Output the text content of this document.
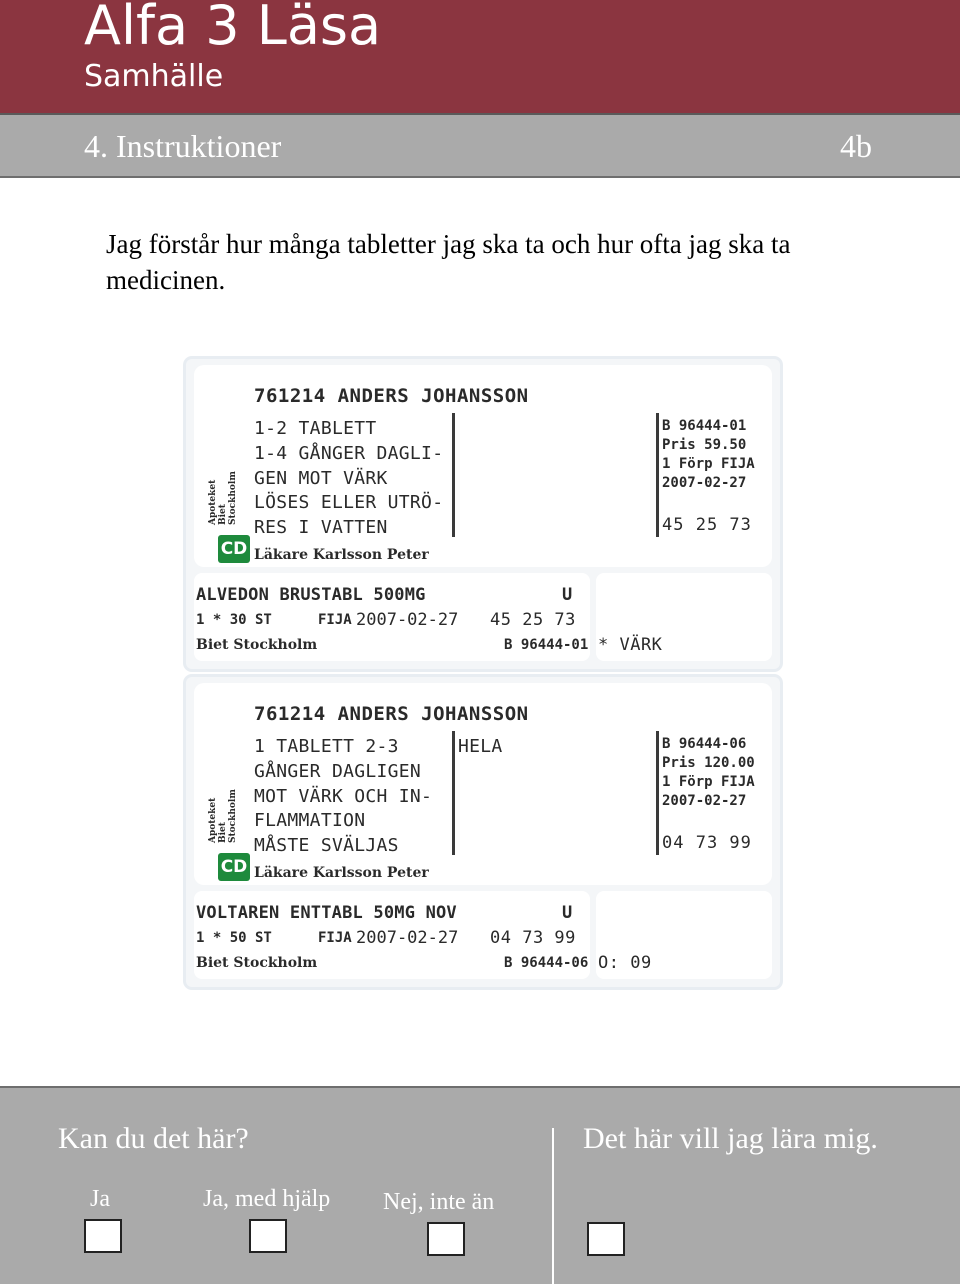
Alfa 3 Läsa
Samhälle
4. Instruktioner	4b
Jag förstår hur många tabletter jag ska ta och hur ofta jag ska ta medicinen.
761214 ANDERS JOHANSSON
1-2 TABLETT
1-4 GÅNGER DAGLI-
GEN MOT VÄRK
LÖSES ELLER UTRÖ-
RES I VATTEN
B 96444-01
Pris 59.50
1 Förp FIJA
2007-02-27
45 25 73
Apoteket Biet Stockholm
CD Läkare Karlsson Peter
ALVEDON BRUSTABL 500MG	U
1 * 30 ST	FIJA 2007-02-27 45 25 73
Biet Stockholm	B 96444-01 * VÄRK
761214 ANDERS JOHANSSON
1 TABLETT 2-3
GÅNGER DAGLIGEN
MOT VÄRK OCH IN-
FLAMMATION
MÅSTE SVÄLJAS
HELA	B 96444-06
Pris 120.00
1 Förp FIJA
2007-02-27
04 73 99
Apoteket Biet Stockholm
CD Läkare Karlsson Peter
VOLTAREN ENTTABL 50MG NOV	U
1 * 50 ST	FIJA 2007-02-27 04 73 99
Biet Stockholm	B 96444-06 O: 09
Kan du det här?	Det här vill jag lära mig.
Ja	Ja, med hjälp Nej, inte än
